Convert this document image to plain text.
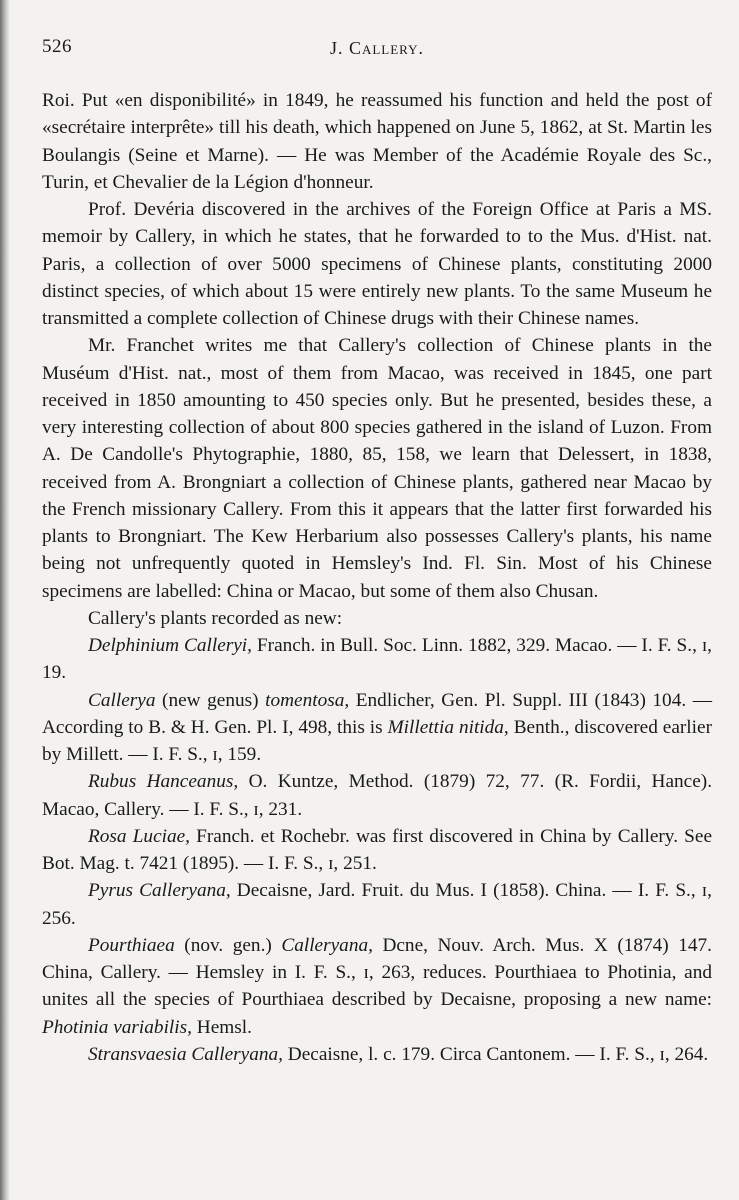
526	J. Callery.

Roi. Put «en disponibilité» in 1849, he reassumed his function and held the post of «secrétaire interprête» till his death, which happened on June 5, 1862, at St. Martin les Boulangis (Seine et Marne). — He was Member of the Académie Royale des Sc., Turin, et Chevalier de la Légion d'honneur.

Prof. Devéria discovered in the archives of the Foreign Office at Paris a MS. memoir by Callery, in which he states, that he forwarded to to the Mus. d'Hist. nat. Paris, a collection of over 5000 specimens of Chinese plants, constituting 2000 distinct species, of which about 15 were entirely new plants. To the same Museum he transmitted a complete collection of Chinese drugs with their Chinese names.

Mr. Franchet writes me that Callery's collection of Chinese plants in the Muséum d'Hist. nat., most of them from Macao, was received in 1845, one part received in 1850 amounting to 450 species only. But he presented, besides these, a very interesting collection of about 800 species gathered in the island of Luzon. From A. De Candolle's Phytographie, 1880, 85, 158, we learn that Delessert, in 1838, received from A. Brongniart a collection of Chinese plants, gathered near Macao by the French missionary Callery. From this it appears that the latter first forwarded his plants to Brongniart. The Kew Herbarium also possesses Callery's plants, his name being not unfrequently quoted in Hemsley's Ind. Fl. Sin. Most of his Chinese specimens are labelled: China or Macao, but some of them also Chusan.

Callery's plants recorded as new:

Delphinium Calleryi, Franch. in Bull. Soc. Linn. 1882, 329. Macao. — I. F. S., ɪ, 19.

Callerya (new genus) tomentosa, Endlicher, Gen. Pl. Suppl. III (1843) 104. — According to B. & H. Gen. Pl. I, 498, this is Millettia nitida, Benth., discovered earlier by Millett. — I. F. S., ɪ, 159.

Rubus Hanceanus, O. Kuntze, Method. (1879) 72, 77. (R. Fordii, Hance). Macao, Callery. — I. F. S., ɪ, 231.

Rosa Luciae, Franch. et Rochebr. was first discovered in China by Callery. See Bot. Mag. t. 7421 (1895). — I. F. S., ɪ, 251.

Pyrus Calleryana, Decaisne, Jard. Fruit. du Mus. I (1858). China. — I. F. S., ɪ, 256.

Pourthiaea (nov. gen.) Calleryana, Dcne, Nouv. Arch. Mus. X (1874) 147. China, Callery. — Hemsley in I. F. S., ɪ, 263, reduces. Pourthiaea to Photinia, and unites all the species of Pourthiaea described by Decaisne, proposing a new name: Photinia variabilis, Hemsl.

Stransvaesia Calleryana, Decaisne, l. c. 179. Circa Cantonem. — I. F. S., ɪ, 264.
